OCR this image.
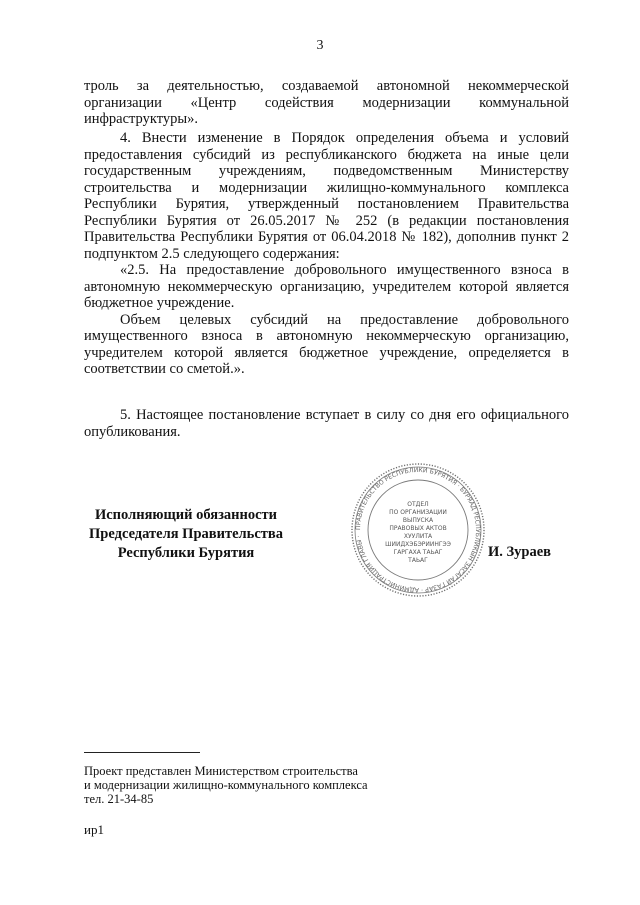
3

троль за деятельностью, создаваемой автономной некоммерческой организации «Центр содействия модернизации коммунальной инфраструктуры».

4. Внести изменение в Порядок определения объема и условий предоставления субсидий из республиканского бюджета на иные цели государственным учреждениям, подведомственным Министерству строительства и модернизации жилищно-коммунального комплекса Республики Бурятия, утвержденный постановлением Правительства Республики Бурятия от 26.05.2017 № 252 (в редакции постановления Правительства Республики Бурятия от 06.04.2018 № 182), дополнив пункт 2 подпунктом 2.5 следующего содержания:

«2.5. На предоставление добровольного имущественного взноса в автономную некоммерческую организацию, учредителем которой является бюджетное учреждение.

Объем целевых субсидий на предоставление добровольного имущественного взноса в автономную некоммерческую организацию, учредителем которой является бюджетное учреждение, определяется в соответствии со сметой.».

5. Настоящее постановление вступает в силу со дня его официального опубликования.

Исполняющий обязанности
Председателя Правительства
Республики Бурятия
ПРАВИТЕЛЬСТВО РЕСПУБЛИКИ БУРЯТИЯ · БУРЯАД РЕСПУБЛИКЫН ЗАСАГАЙ ГАЗАР · АДМИНИСТРАЦИЯ ГЛАВЫ ·
ОТДЕЛ
ПО ОРГАНИЗАЦИИ
ВЫПУСКА
ПРАВОВЫХ АКТОВ
ХУУЛИТА
ШИИДХЭБЭРИИНГЭЭ
ГАРГАХА ТАЬАГ
ТАЬАГ
И. Зураев
Проект представлен Министерством строительства
и модернизации жилищно-коммунального комплекса
тел. 21-34-85
ир1
